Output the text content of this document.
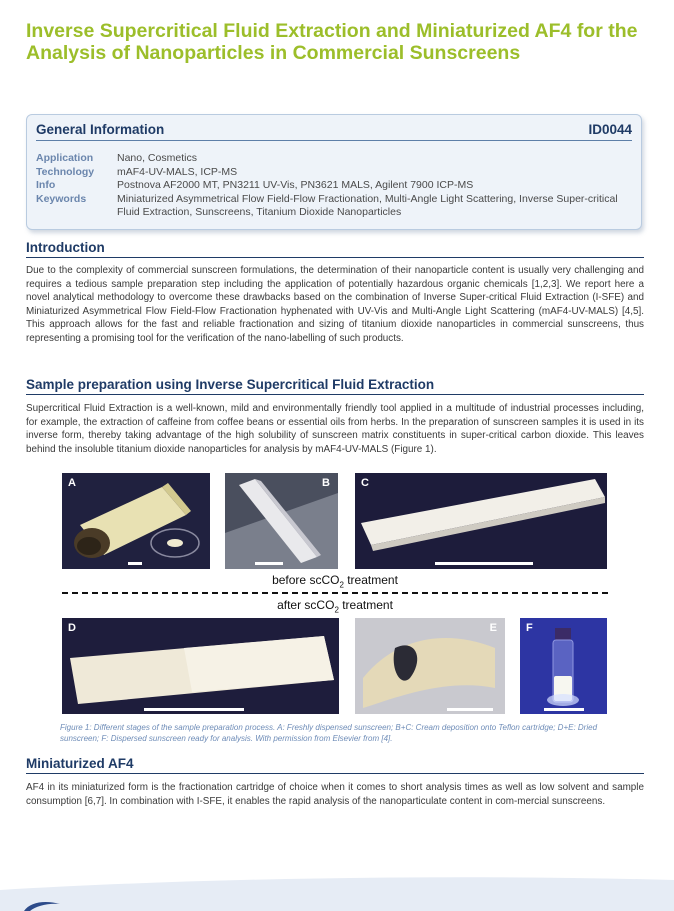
Inverse Supercritical Fluid Extraction and Miniaturized AF4 for the Analysis of Nanoparticles in Commercial Sunscreens
General Information	ID0044
Application	Nano, Cosmetics
Technology	mAF4-UV-MALS, ICP-MS
Info	Postnova AF2000 MT, PN3211 UV-Vis, PN3621 MALS, Agilent 7900 ICP-MS
Keywords	Miniaturized Asymmetrical Flow Field-Flow Fractionation, Multi-Angle Light Scattering, Inverse Super-critical Fluid Extraction, Sunscreens, Titanium Dioxide Nanoparticles
Introduction
Due to the complexity of commercial sunscreen formulations, the determination of their nanoparticle content is usually very challenging and requires a tedious sample preparation step including the application of potentially hazardous organic chemicals [1,2,3]. We report here a novel analytical methodology to overcome these drawbacks based on the combination of Inverse Super-critical Fluid Extraction (I-SFE) and Miniaturized Asymmetrical Flow Field-Flow Fractionation hyphenated with UV-Vis and Multi-Angle Light Scattering (mAF4-UV-MALS) [4,5]. This approach allows for the fast and reliable fractionation and sizing of titanium dioxide nanoparticles in commercial sunscreens, thus representing a promising tool for the verification of the nano-labelling of such products.
Sample preparation using Inverse Supercritical Fluid Extraction
Supercritical Fluid Extraction is a well-known, mild and environmentally friendly tool applied in a multitude of industrial processes including, for example, the extraction of caffeine from coffee beans or essential oils from herbs. In the preparation of sunscreen samples it is used in its inverse form, thereby taking advantage of the high solubility of sunscreen matrix constituents in super-critical carbon dioxide. This leaves behind the insoluble titanium dioxide nanoparticles for analysis by mAF4-UV-MALS (Figure 1).
A	B	C
before scCO$_2$ treatment
after scCO$_2$ treatment
D	E	F
Figure 1: Different stages of the sample preparation process. A: Freshly dispensed sunscreen; B+C: Cream deposition onto Teflon cartridge; D+E: Dried sunscreen; F: Dispersed sunscreen ready for analysis. With permission from Elsevier from [4].
Miniaturized AF4
AF4 in its miniaturized form is the fractionation cartridge of choice when it comes to short analysis times as well as low solvent and sample consumption [6,7]. In combination with I-SFE, it enables the rapid analysis of the nanoparticulate content in com-mercial sunscreens.
